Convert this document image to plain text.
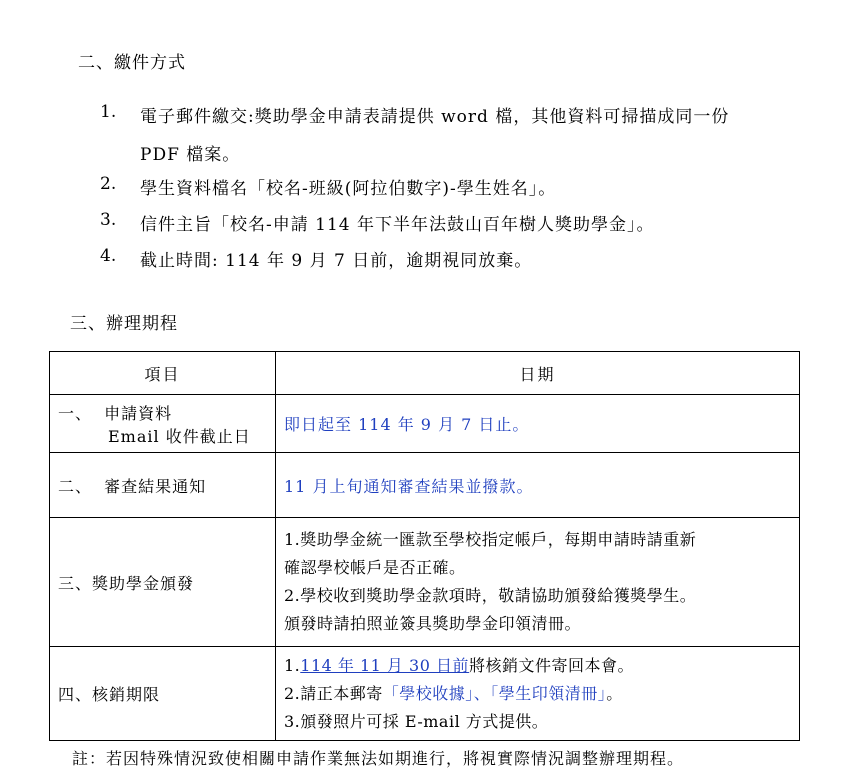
二、繳件方式
1.	電子郵件繳交:獎助學金申請表請提供 word 檔，其他資料可掃描成同一份
PDF 檔案。
2.	學生資料檔名「校名-班級(阿拉伯數字)-學生姓名」。
3.	信件主旨「校名-申請 114 年下半年法鼓山百年樹人獎助學金」。
4.	截止時間: 114 年 9 月 7 日前，逾期視同放棄。
三、辦理期程
項目	日期

一、  申請資料
Email 收件截止日	即日起至 114 年 9 月 7 日止。
二、  審查結果通知	11 月上旬通知審查結果並撥款。
三、獎助學金頒發	1.獎助學金統一匯款至學校指定帳戶，每期申請時請重新
確認學校帳戶是否正確。
2.學校收到獎助學金款項時，敬請協助頒發給獲獎學生。
頒發時請拍照並簽具獎助學金印領清冊。

四、核銷期限	1.114 年 11 月 30 日前將核銷文件寄回本會。
2.請正本郵寄「學校收據」、「學生印領清冊」。
3.頒發照片可採 E-mail 方式提供。
註：若因特殊情況致使相關申請作業無法如期進行，將視實際情況調整辦理期程。
